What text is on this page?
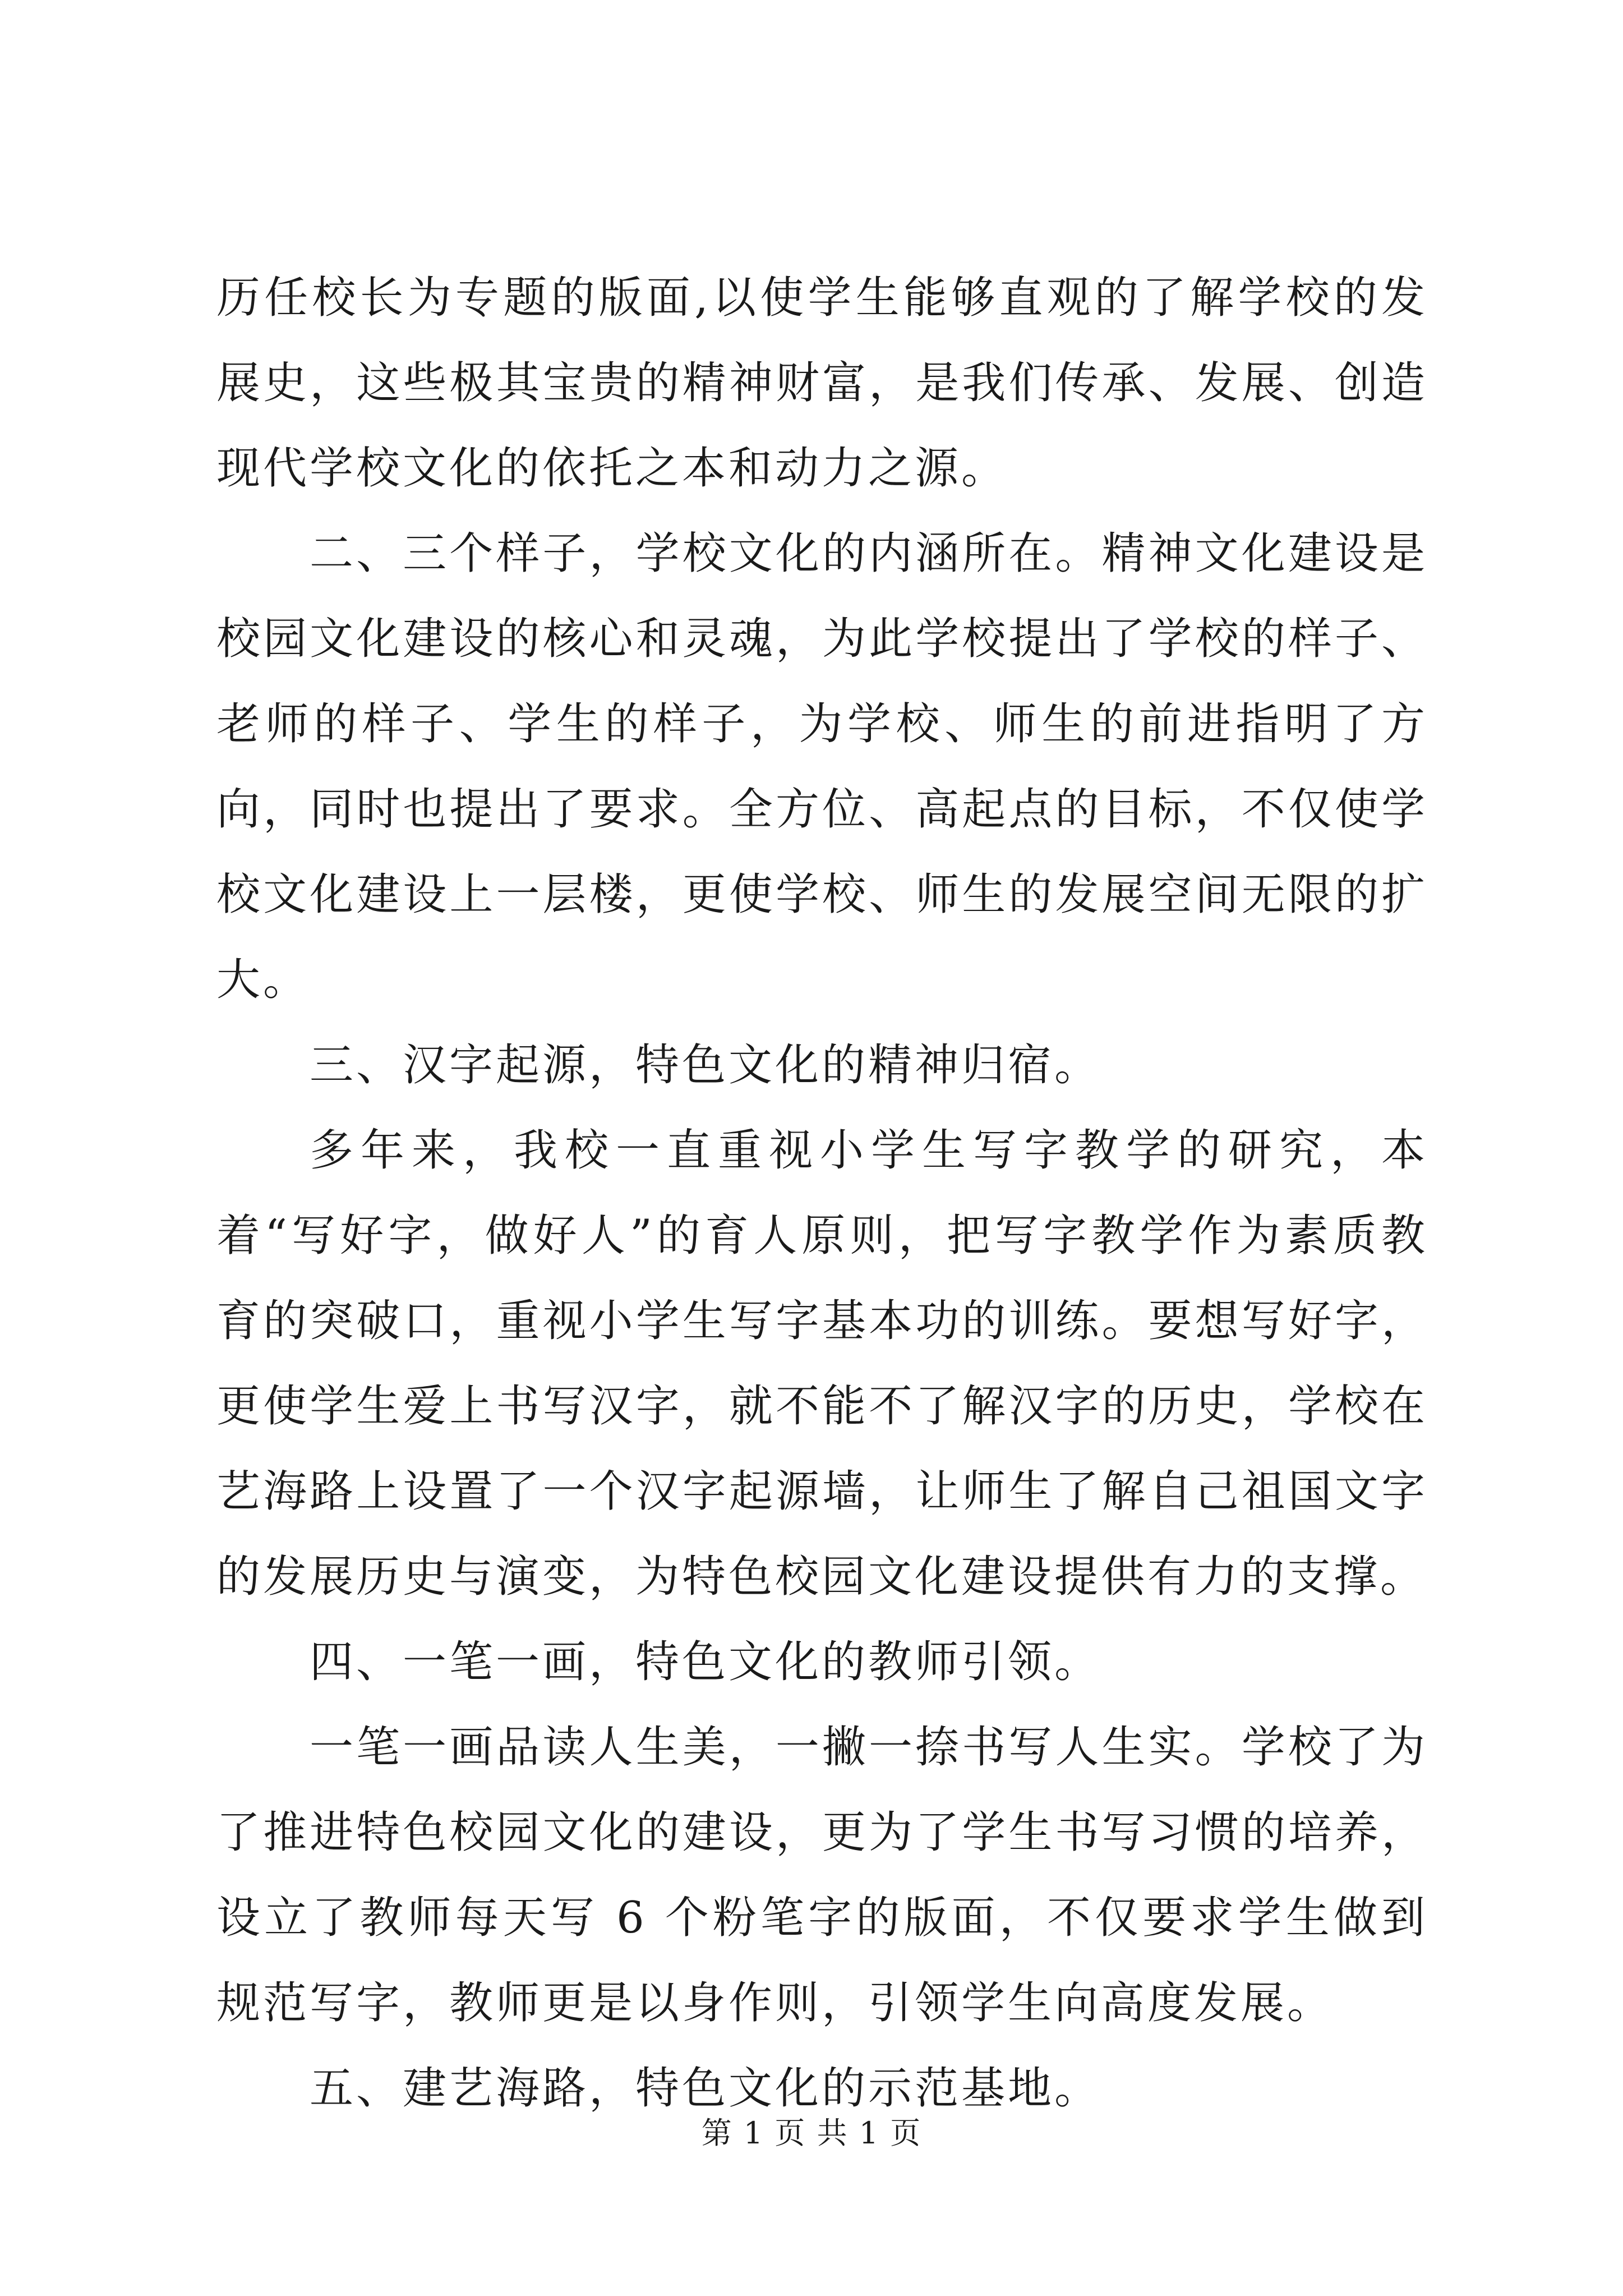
历任校长为专题的版面,以使学生能够直观的了解学校的发展史，这些极其宝贵的精神财富，是我们传承、发展、创造现代学校文化的依托之本和动力之源。

二、三个样子，学校文化的内涵所在。精神文化建设是校园文化建设的核心和灵魂，为此学校提出了学校的样子、老师的样子、学生的样子，为学校、师生的前进指明了方向，同时也提出了要求。全方位、高起点的目标，不仅使学校文化建设上一层楼，更使学校、师生的发展空间无限的扩大。

三、汉字起源，特色文化的精神归宿。

多年来，我校一直重视小学生写字教学的研究，本着“写好字，做好人”的育人原则，把写字教学作为素质教育的突破口，重视小学生写字基本功的训练。要想写好字，更使学生爱上书写汉字，就不能不了解汉字的历史，学校在艺海路上设置了一个汉字起源墙，让师生了解自己祖国文字的发展历史与演变，为特色校园文化建设提供有力的支撑。

四、一笔一画，特色文化的教师引领。

一笔一画品读人生美，一撇一捺书写人生实。学校了为了推进特色校园文化的建设，更为了学生书写习惯的培养，设立了教师每天写 6 个粉笔字的版面，不仅要求学生做到规范写字，教师更是以身作则，引领学生向高度发展。

五、建艺海路，特色文化的示范基地。

第 1 页 共 1 页
